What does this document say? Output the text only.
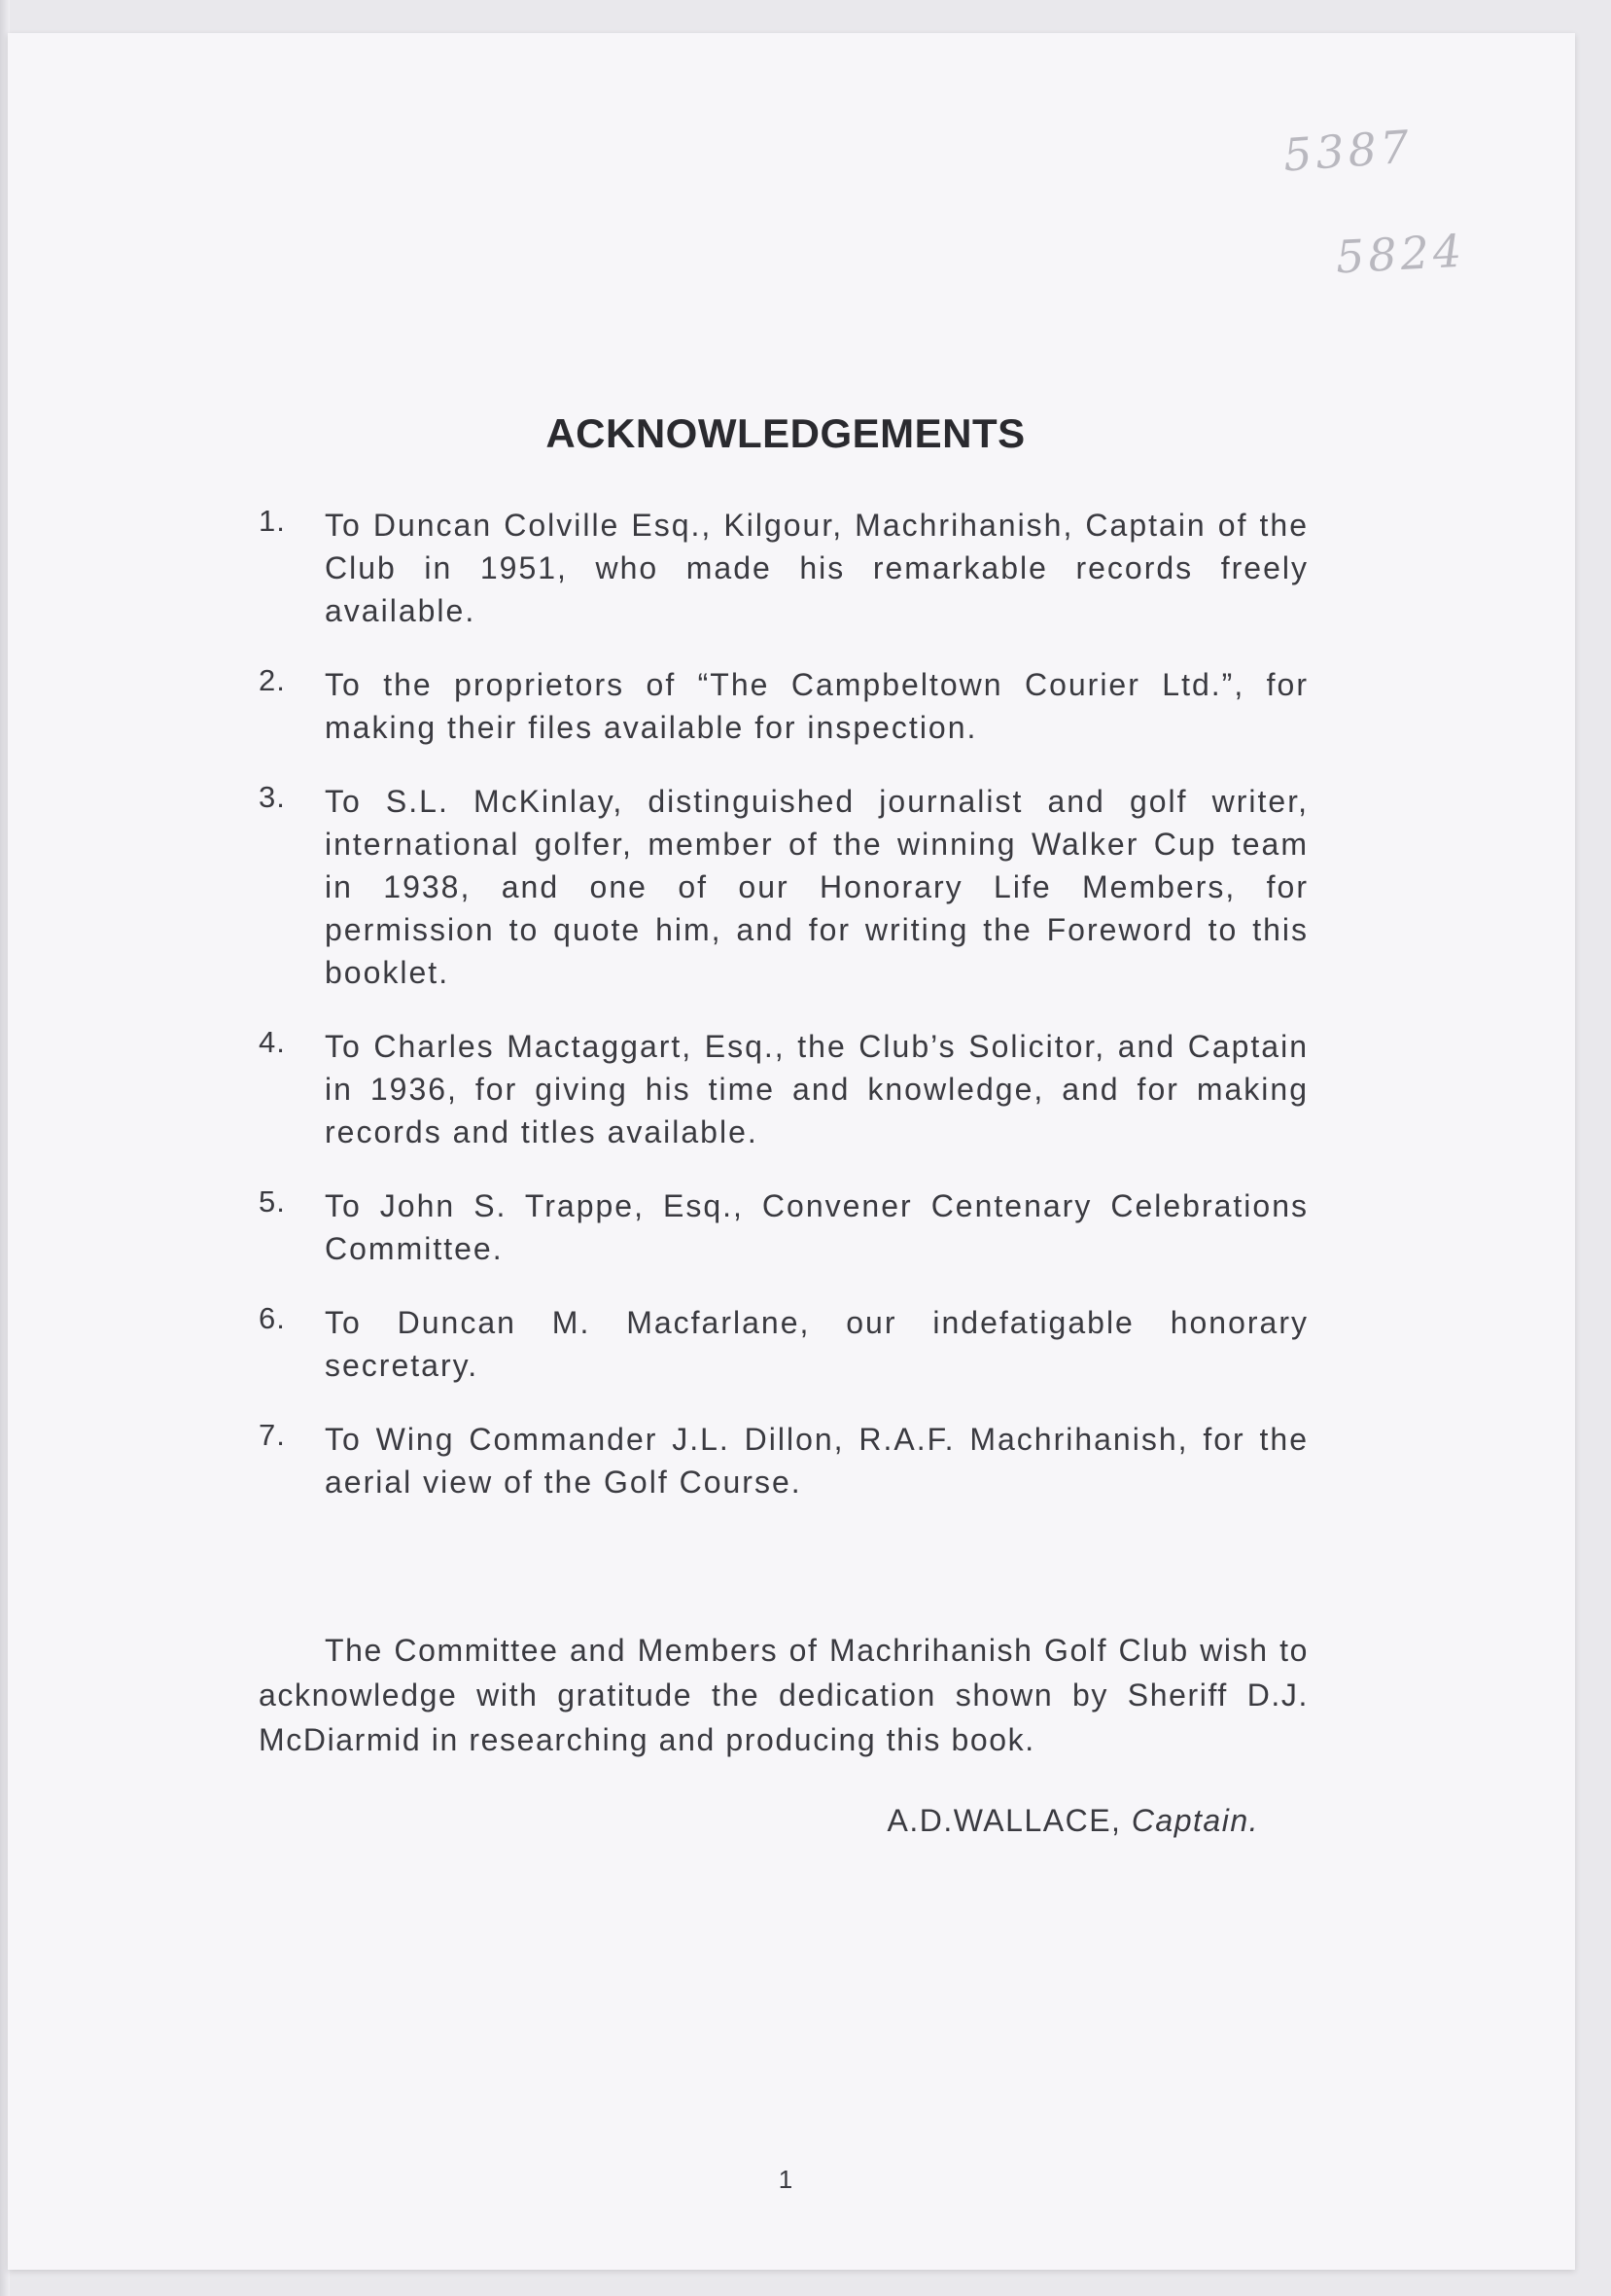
5387
5824
ACKNOWLEDGEMENTS
1. To Duncan Colville Esq., Kilgour, Machrihanish, Captain of the Club in 1951, who made his remarkable records freely available.

2. To the proprietors of “The Campbeltown Courier Ltd.”, for making their files available for inspection.

3. To S.L. McKinlay, distinguished journalist and golf writer, international golfer, member of the winning Walker Cup team in 1938, and one of our Honorary Life Members, for permission to quote him, and for writing the Foreword to this booklet.

4. To Charles Mactaggart, Esq., the Club’s Solicitor, and Captain in 1936, for giving his time and knowledge, and for making records and titles available.

5. To John S. Trappe, Esq., Convener Centenary Celebrations Committee.

6. To Duncan M. Macfarlane, our indefatigable honorary secretary.

7. To Wing Commander J.L. Dillon, R.A.F. Machrihanish, for the aerial view of the Golf Course.

The Committee and Members of Machrihanish Golf Club wish to acknowledge with gratitude the dedication shown by Sheriff D.J. McDiarmid in researching and producing this book.

A.D.WALLACE, Captain.
1
